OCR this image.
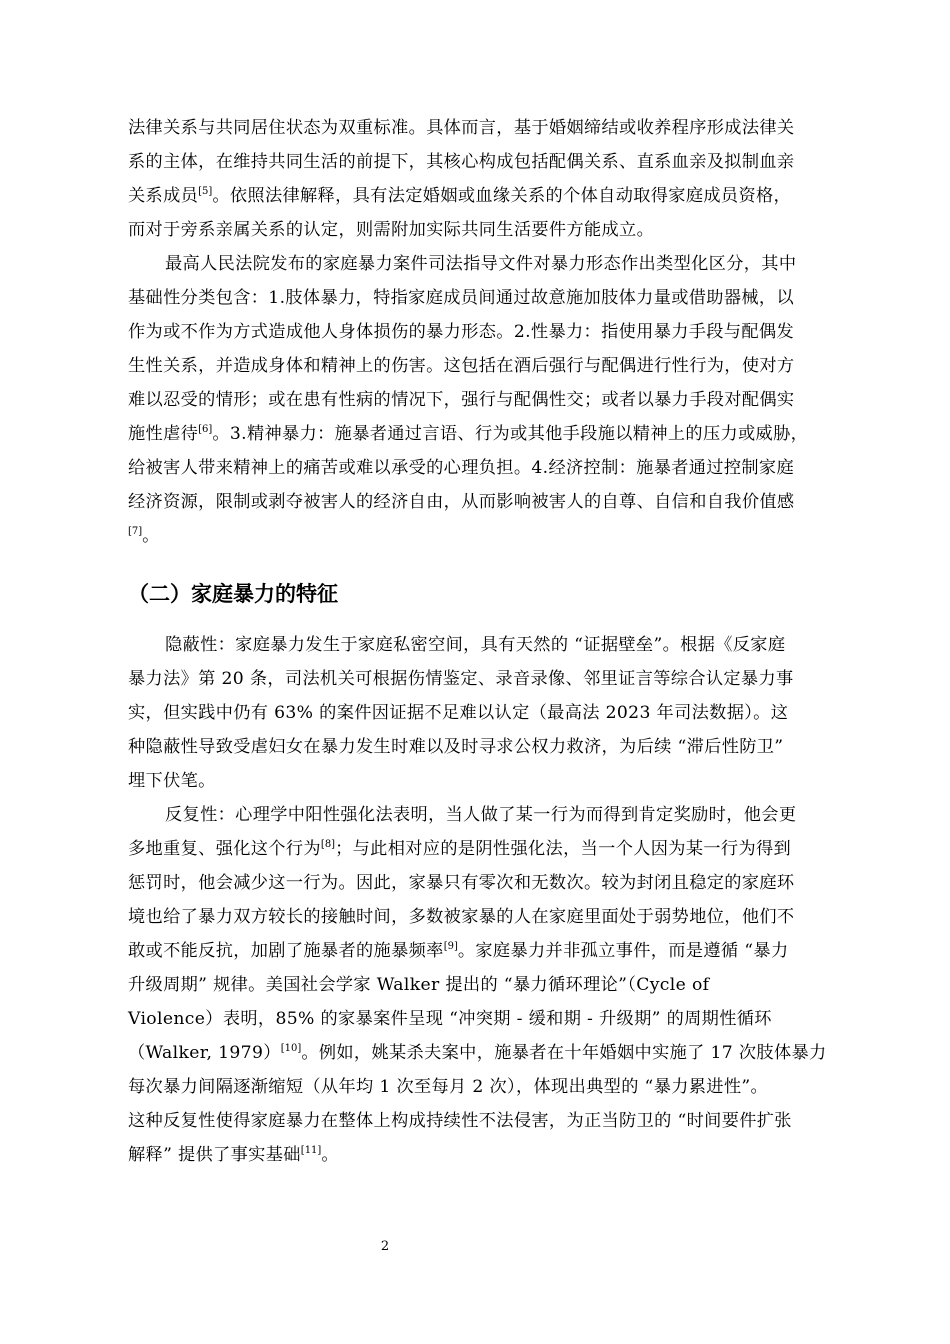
法律关系与共同居住状态为双重标准。具体而言，基于婚姻缔结或收养程序形成法律关
系的主体，在维持共同生活的前提下，其核心构成包括配偶关系、直系血亲及拟制血亲
关系成员[5]。依照法律解释，具有法定婚姻或血缘关系的个体自动取得家庭成员资格，
而对于旁系亲属关系的认定，则需附加实际共同生活要件方能成立。
最高人民法院发布的家庭暴力案件司法指导文件对暴力形态作出类型化区分，其中
基础性分类包含：1.肢体暴力，特指家庭成员间通过故意施加肢体力量或借助器械，以
作为或不作为方式造成他人身体损伤的暴力形态。2.性暴力：指使用暴力手段与配偶发
生性关系，并造成身体和精神上的伤害。这包括在酒后强行与配偶进行性行为，使对方
难以忍受的情形；或在患有性病的情况下，强行与配偶性交；或者以暴力手段对配偶实
施性虐待[6]。3.精神暴力：施暴者通过言语、行为或其他手段施以精神上的压力或威胁，
给被害人带来精神上的痛苦或难以承受的心理负担。4.经济控制：施暴者通过控制家庭
经济资源，限制或剥夺被害人的经济自由，从而影响被害人的自尊、自信和自我价值感
[7]。
（二）家庭暴力的特征
隐蔽性：家庭暴力发生于家庭私密空间，具有天然的 “证据壁垒”。根据《反家庭
暴力法》第 20 条，司法机关可根据伤情鉴定、录音录像、邻里证言等综合认定暴力事
实，但实践中仍有 63% 的案件因证据不足难以认定（最高法 2023 年司法数据）。这
种隐蔽性导致受虐妇女在暴力发生时难以及时寻求公权力救济，为后续 “滞后性防卫”
埋下伏笔。
反复性：心理学中阳性强化法表明，当人做了某一行为而得到肯定奖励时，他会更
多地重复、强化这个行为[8]；与此相对应的是阴性强化法，当一个人因为某一行为得到
惩罚时，他会减少这一行为。因此，家暴只有零次和无数次。较为封闭且稳定的家庭环
境也给了暴力双方较长的接触时间，多数被家暴的人在家庭里面处于弱势地位，他们不
敢或不能反抗，加剧了施暴者的施暴频率[9]。家庭暴力并非孤立事件，而是遵循 “暴力
升级周期” 规律。美国社会学家 Walker 提出的 “暴力循环理论”（Cycle of
Violence）表明，85% 的家暴案件呈现 “冲突期 - 缓和期 - 升级期” 的周期性循环
（Walker, 1979）[10]。例如，姚某杀夫案中，施暴者在十年婚姻中实施了 17 次肢体暴力
每次暴力间隔逐渐缩短（从年均 1 次至每月 2 次），体现出典型的 “暴力累进性”。
这种反复性使得家庭暴力在整体上构成持续性不法侵害，为正当防卫的 “时间要件扩张
解释” 提供了事实基础[11]。
2
